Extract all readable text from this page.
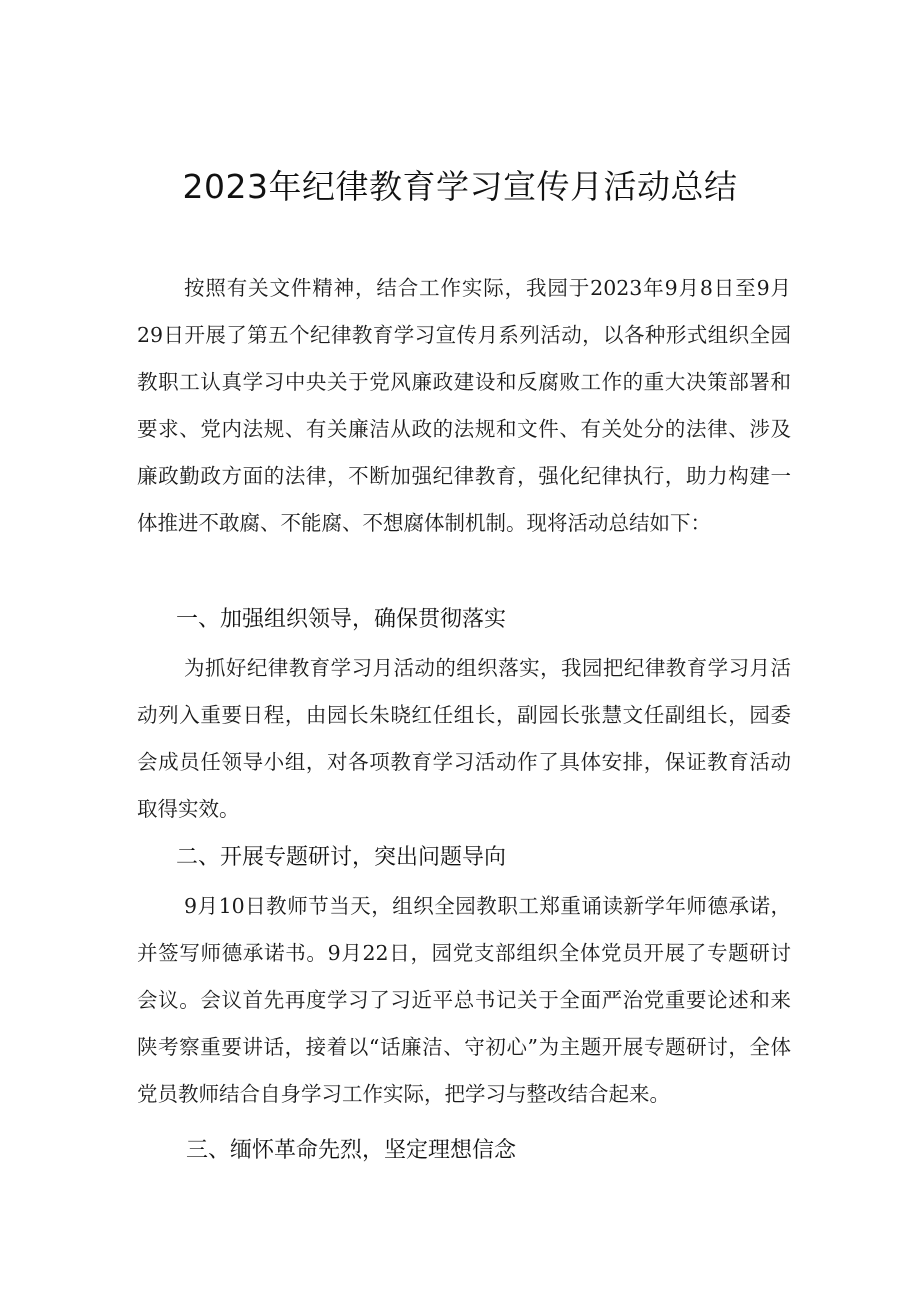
2023年纪律教育学习宣传月活动总结

按照有关文件精神，结合工作实际，我园于2023年9月8日至9月29日开展了第五个纪律教育学习宣传月系列活动，以各种形式组织全园教职工认真学习中央关于党风廉政建设和反腐败工作的重大决策部署和要求、党内法规、有关廉洁从政的法规和文件、有关处分的法律、涉及廉政勤政方面的法律，不断加强纪律教育，强化纪律执行，助力构建一体推进不敢腐、不能腐、不想腐体制机制。现将活动总结如下：

一、加强组织领导，确保贯彻落实

为抓好纪律教育学习月活动的组织落实，我园把纪律教育学习月活动列入重要日程，由园长朱晓红任组长，副园长张慧文任副组长，园委会成员任领导小组，对各项教育学习活动作了具体安排，保证教育活动取得实效。

二、开展专题研讨，突出问题导向

9月10日教师节当天，组织全园教职工郑重诵读新学年师德承诺，并签写师德承诺书。9月22日，园党支部组织全体党员开展了专题研讨会议。会议首先再度学习了习近平总书记关于全面严治党重要论述和来陕考察重要讲话，接着以“话廉洁、守初心”为主题开展专题研讨，全体党员教师结合自身学习工作实际，把学习与整改结合起来。

三、缅怀革命先烈，坚定理想信念
